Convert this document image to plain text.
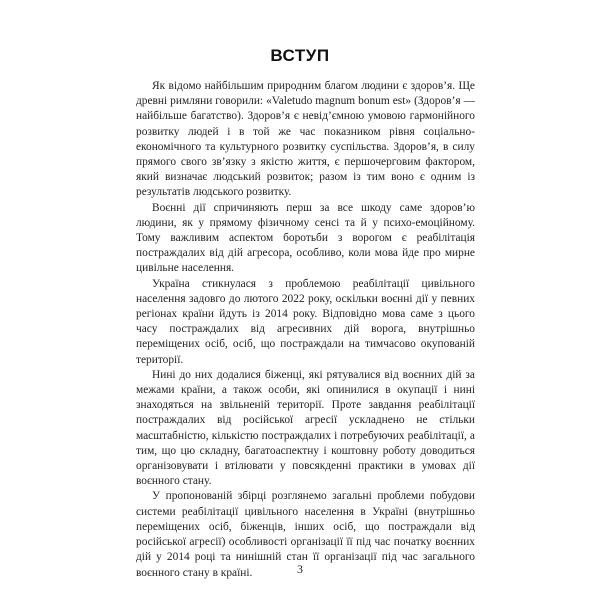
ВСТУП

Як відомо найбільшим природним благом людини є здоров’я. Ще древні римляни говорили: «Valetudo magnum bonum est» (Здоров’я — найбільше багатство). Здоров’я є невід’ємною умовою гармонійного розвитку людей і в той же час показником рівня соціально-економічного та культурного розвитку суспільства. Здоров’я, в силу прямого свого зв’язку з якістю життя, є першочерговим фактором, який визначає людський розвиток; разом із тим воно є одним із результатів людського розвитку.

Воєнні дії спричиняють перш за все шкоду саме здоров’ю людини, як у прямому фізичному сенсі та й у психо-емоційному. Тому важливим аспектом боротьби з ворогом є реабілітація постраждалих від дій агресора, особливо, коли мова йде про мирне цивільне населення.

Україна стикнулася з проблемою реабілітації цивільного населення задовго до лютого 2022 року, оскільки воєнні дії у певних регіонах країни йдуть із 2014 року. Відповідно мова саме з цього часу постраждалих від агресивних дій ворога, внутрішньо переміщених осіб, осіб, що постраждали на тимчасово окупованій території.

Нині до них додалися біженці, які рятувалися від воєнних дій за межами країни, а також особи, які опинилися в окупації і нині знаходяться на звільненій території. Проте завдання реабілітації постраждалих від російської агресії ускладнено не стільки масштабністю, кількістю постраждалих і потребуючих реабілітації, а тим, що цю складну, багатоаспектну і коштовну роботу доводиться організовувати і втілювати у повсякденні практики в умовах дії воєнного стану.

У пропонованій збірці розглянемо загальні проблеми побудови системи реабілітації цивільного населення в Україні (внутрішньо переміщених осіб, біженців, інших осіб, що постраждали від російської агресії) особливості організації її під час початку воєнних дій у 2014 році та нинішній стан її організації під час загального воєнного стану в країні.	3
